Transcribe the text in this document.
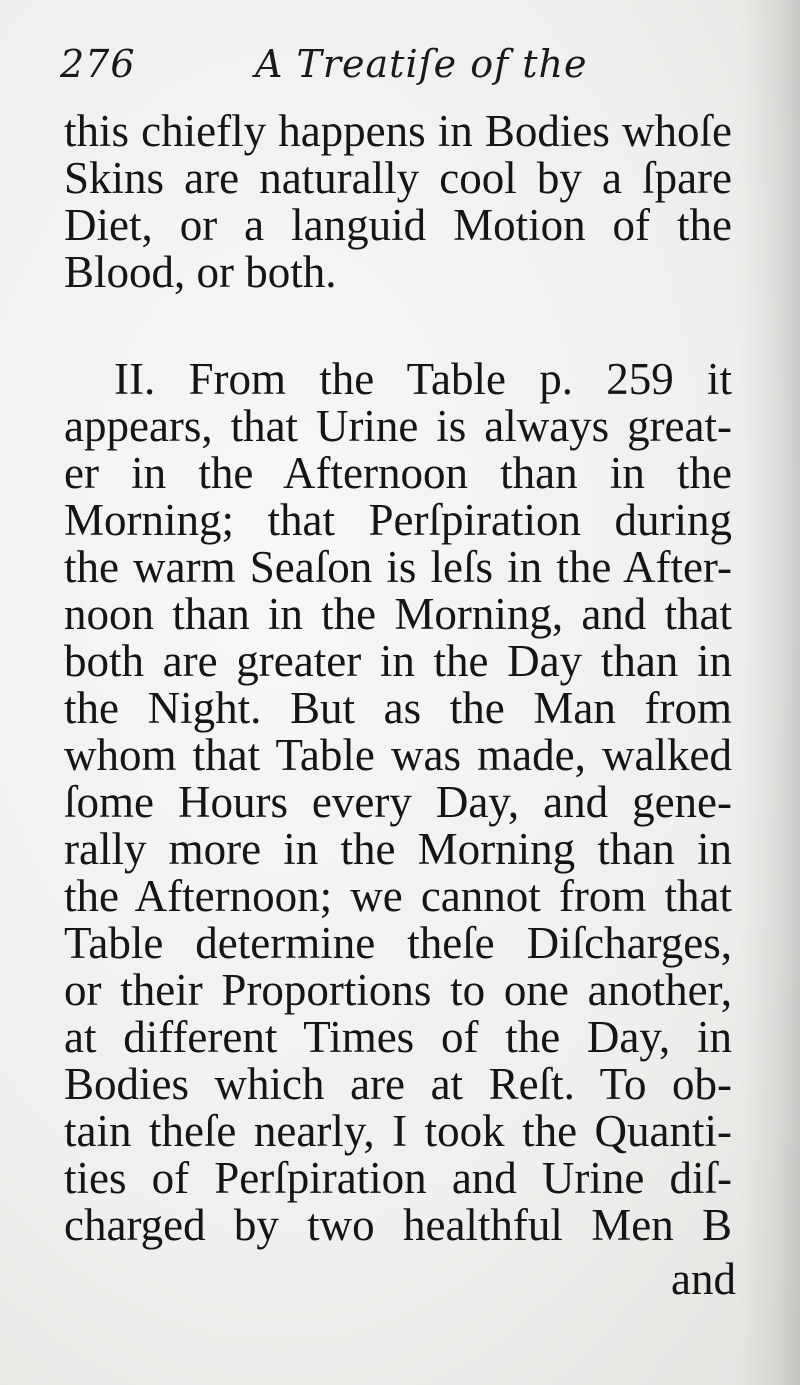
276	A Treatiſe of the
this chiefly happens in Bodies whoſe
Skins are naturally cool by a ſpare
Diet, or a languid Motion of the
Blood, or both.
II. From the Table p. 259 it
appears, that Urine is always great-
er in the Afternoon than in the
Morning; that Perſpiration during
the warm Seaſon is leſs in the After-
noon than in the Morning, and that
both are greater in the Day than in
the Night. But as the Man from
whom that Table was made, walked
ſome Hours every Day, and gene-
rally more in the Morning than in
the Afternoon; we cannot from that
Table determine theſe Diſcharges,
or their Proportions to one another,
at different Times of the Day, in
Bodies which are at Reſt. To ob-
tain theſe nearly, I took the Quanti-
ties of Perſpiration and Urine diſ-
charged by two healthful Men B
and
